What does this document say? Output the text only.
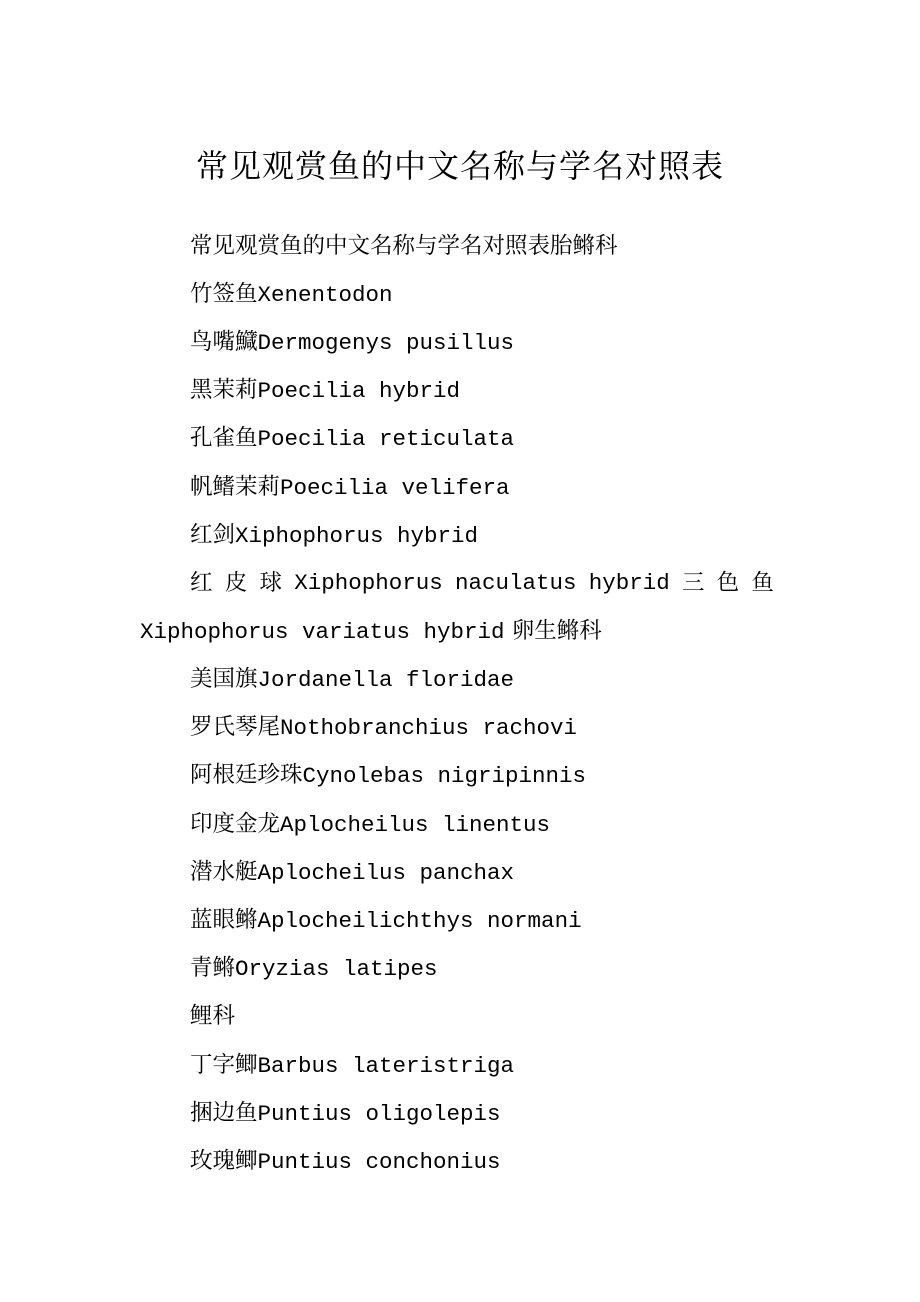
常见观赏鱼的中文名称与学名对照表
常见观赏鱼的中文名称与学名对照表胎鳉科
竹签鱼Xenentodon
鸟嘴鱵Dermogenys pusillus
黑茉莉Poecilia hybrid
孔雀鱼Poecilia reticulata
帆鳍茉莉Poecilia velifera
红剑Xiphophorus hybrid
红 皮 球 Xiphophorus naculatus hybrid 三 色 鱼
Xiphophorus variatus hybrid 卵生鳉科
美国旗Jordanella floridae
罗氏琴尾Nothobranchius rachovi
阿根廷珍珠Cynolebas nigripinnis
印度金龙Aplocheilus linentus
潜水艇Aplocheilus panchax
蓝眼鳉Aplocheilichthys normani
青鳉Oryzias latipes
鲤科
丁字鲫Barbus lateristriga
捆边鱼Puntius oligolepis
玫瑰鲫Puntius conchonius
